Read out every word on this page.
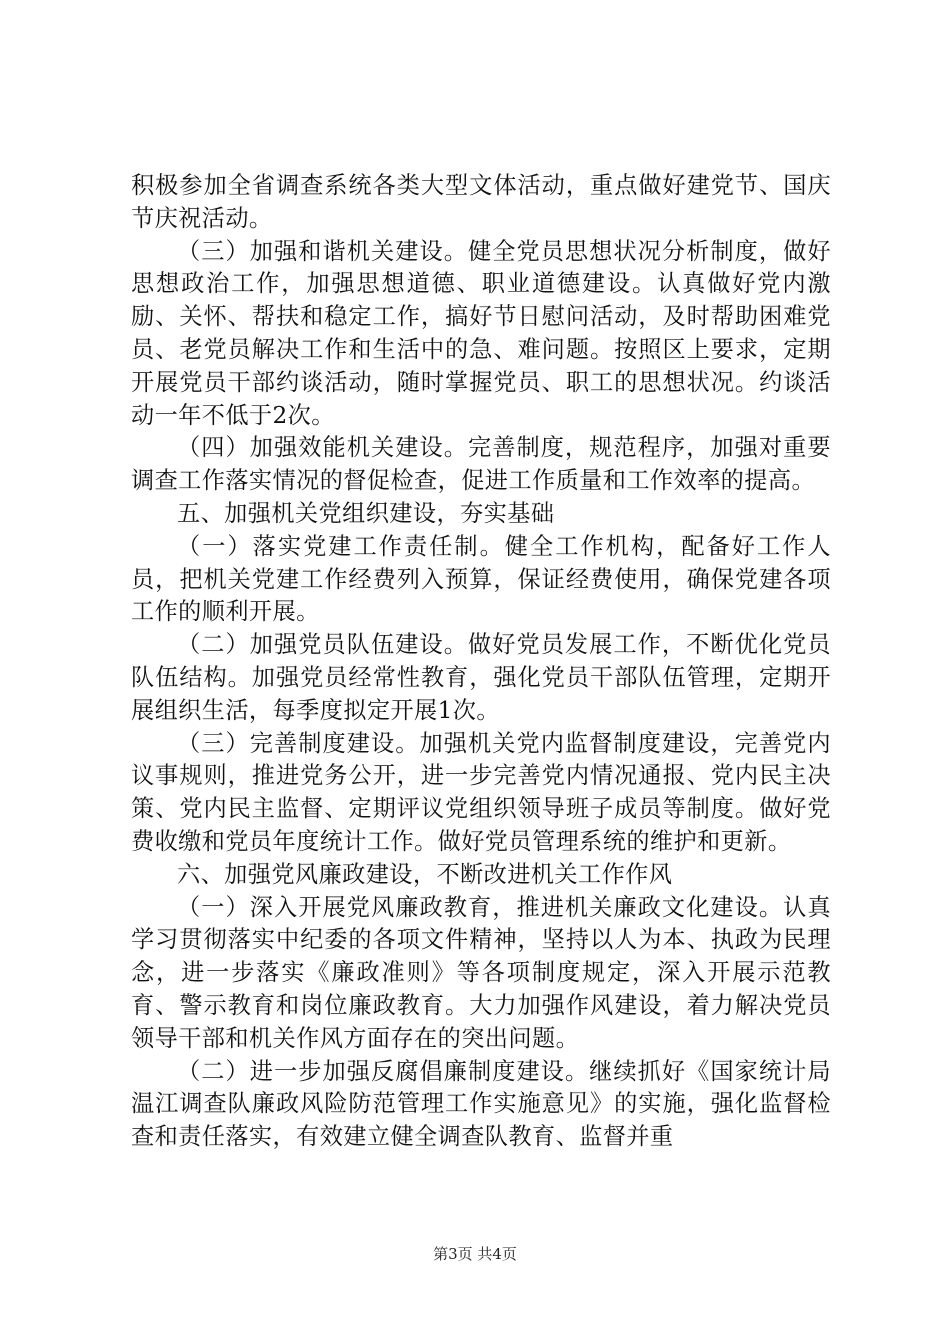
积极参加全省调查系统各类大型文体活动，重点做好建党节、国庆节庆祝活动。

（三）加强和谐机关建设。健全党员思想状况分析制度，做好思想政治工作，加强思想道德、职业道德建设。认真做好党内激励、关怀、帮扶和稳定工作，搞好节日慰问活动，及时帮助困难党员、老党员解决工作和生活中的急、难问题。按照区上要求，定期开展党员干部约谈活动，随时掌握党员、职工的思想状况。约谈活动一年不低于2次。

（四）加强效能机关建设。完善制度，规范程序，加强对重要调查工作落实情况的督促检查，促进工作质量和工作效率的提高。

五、加强机关党组织建设，夯实基础

（一）落实党建工作责任制。健全工作机构，配备好工作人员，把机关党建工作经费列入预算，保证经费使用，确保党建各项工作的顺利开展。

（二）加强党员队伍建设。做好党员发展工作，不断优化党员队伍结构。加强党员经常性教育，强化党员干部队伍管理，定期开展组织生活，每季度拟定开展1次。

（三）完善制度建设。加强机关党内监督制度建设，完善党内议事规则，推进党务公开，进一步完善党内情况通报、党内民主决策、党内民主监督、定期评议党组织领导班子成员等制度。做好党费收缴和党员年度统计工作。做好党员管理系统的维护和更新。

六、加强党风廉政建设，不断改进机关工作作风

（一）深入开展党风廉政教育，推进机关廉政文化建设。认真学习贯彻落实中纪委的各项文件精神，坚持以人为本、执政为民理念，进一步落实《廉政准则》等各项制度规定，深入开展示范教育、警示教育和岗位廉政教育。大力加强作风建设，着力解决党员领导干部和机关作风方面存在的突出问题。

（二）进一步加强反腐倡廉制度建设。继续抓好《国家统计局温江调查队廉政风险防范管理工作实施意见》的实施，强化监督检查和责任落实，有效建立健全调查队教育、监督并重

第3页 共4页
